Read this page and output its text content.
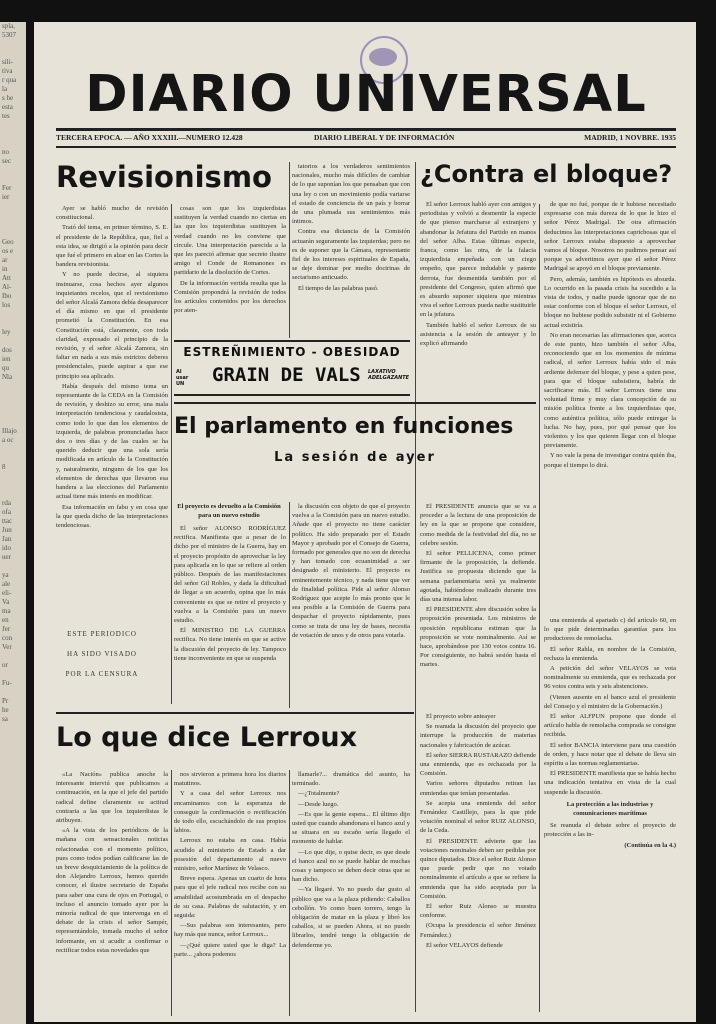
spla,
5307

sili-
tiva
r qua
la
s he
esta
tes

no
sec

Fer
ier

Geo
os e
ar
in
Att
Al-
Ibo
los

ley

dos
ien
qu
Nla

Illajo
a oc

8

rda
ofa
ttac
Jun
Jan
ido
uer

ya
ale
eli-
Va
ma
en
Jer
con
Ver

or

Fu-

Pr
he
sa
DIARIO UNIVERSAL
TERCERA EPOCA. — AÑO XXXIII.—NUMERO 12.428	DIARIO LIBERAL Y DE INFORMACIÓN	MADRID, 1 NOVBRE. 1935
Revisionismo

Ayer se habló mucho de revisión constitucional.

Trató del tema, en primer término, S. E. el presidente de la República, que, fiel a esta idea, se dirigió a la opinión para decir que fué el primero en alzar en las Cortes la bandera revisionista.

Y no puede decirse, al siquiera insinuarse, cosa hechos ayer algunos inquietantes recelos, que el revisionismo del señor Alcalá Zamora debía desaparecer el día mismo en que el presidente prometió la Constitución. En esa Constitución está, claramente, con toda claridad, expresado el principio de la revisión, y el señor Alcalá Zamora, sin faltar en nada a sus más estrictos deberes presidenciales, puede aspirar a que ese principio sea aplicado.

Había después del mismo tema un representante de la CEDA en la Comisión de revisión, y deshizo su error, una mala interpretación tendenciosa y caudalosista, como todo lo que dan los elementos de izquierda, de palabras pronunciadas hace dos o tres días y de las cuales se ha querido deducir que una sola sería modificada en artículo de la Constitución y, naturalmente, ninguno de los que los elementos de derechas que llevaron esa bandera a las elecciones del Parlamento actual tiene más interés en modificar.

Esa información en fabu y en cosa que la que queda dicho de las interpretaciones tendenciosas.

cosas son que los izquierdistas sustituyen la verdad cuando no ciertas en las que los izquierdistas sustituyen la verdad cuando no les conviene que circule. Una interpretación parecida a la que les pareció afirmar que secreto ilustre amigo el Conde de Romanones es partidario de la disolución de Cortes.

De la información vertida resulta que la Comisión propondrá la revisión de todos los artículos contenidos por los derechos por aten-

tatorios a los verdaderos sentimientos nacionales, mucho más difíciles de cambiar de lo que suponían los que pensaban que con una ley o con un movimiento podía variarse el estado de conciencia de un país y borrar de una plumada sus sentimientos más íntimos.

Contra esa dictancia de la Comisión actuarán seguramente las izquierdas; pero no es de suponer que la Cámara, representante fiel de los intereses espirituales de España, se deje dominar por medio doctrinas de sectarismo anticuado.

El tiempo de las palabras pasó.

ESTREÑIMIENTO - OBESIDAD
Al usar UN	GRAIN DE VALS LAXATIVO ADELGAZANTE
¿Contra el bloque?

El señor Lerroux habló ayer con amigos y periodistas y volvió a desmentir la especie de que pienso marcharse al extranjero y abandonar la Jefatura del Partido en manos del señor Alba. Estas últimas especie, franca, como las otra, de la falacia izquierdista empeñada con un ciego empeño, que parece indudable y patente derrota, fue desmentida también por el presidente del Congreso, quien afirmó que es absurdo suponer siquiera que mientras viva el señor Lerroux pueda nadie sustituirle en la jefatura.

También habló el señor Lerroux de su asistencia a la sesión de anteayer y lo explicó afirmando

de que no fué, porque de ir hubiese necesitado expresarse con más dureza de lo que le hizo el señor Pérez Madrigal. De otra afirmación deducimos las interpretaciones caprichosas que el señor Lerroux estaba dispuesto a aprovechar vamos al bloque. Nosotros no pudimos pensar así porque ya advertimos ayer que el señor Pérez Madrigal se apoyó en el bloque previamente.

Pero, además, también es hipótesis es absurda. Lo ocurrido en la pasada crisis ha sucedido a la vista de todos, y nadie puede ignorar que de no estar conforme con el bloque el señor Lerroux, el bloque no hubiese podido subsistir ni el Gobierno actual existiría.

No eran necesarias las afirmaciones que, acerca de este punto, hizo también el señor Alba, reconociendo que en los momentos de mínima radical, el señor Lerroux había sido el más ardiente defensor del bloque, y pese a quien pese, para que el bloque subsistiera, habría de sacrificarse más. El señor Lerroux tiene una voluntad firme y muy clara concepción de su misión política frente a los izquierdistas que, como auténtica política, sólo puede entregar la lucha. No hay, pues, por qué pensar que los violentos y los que quieren llegar con el bloque previamente.

Y no vale la pena de investigar contra quién iba, porque el tiempo lo dirá.

El parlamento en funciones
La sesión de ayer
El proyecto es devuelto a la Comisión para un nuevo estudio

El señor ALONSO RODRÍGUEZ rectifica. Manifiesta que a pesar de lo dicho por el ministro de la Guerra, hay en el proyecto propósito de aprovechar la ley para aplicarla en lo que se refiere al orden público. Después de las manifestaciones del señor Gil Robles, y dada la dificultad de llegar a un acuerdo, opina que lo más conveniente es que se retire el proyecto y vuelva a la Comisión para un nuevo estudio.

El MINISTRO DE LA GUERRA rectifica. No tiene interés en que se active la discusión del proyecto de ley. Tampoco tiene inconveniente en que se suspenda

la discusión con objeto de que el proyecto vuelva a la Comisión para un nuevo estudio. Añade que el proyecto no tiene carácter político. Ha sido preparado por el Estado Mayor y aprobado por el Consejo de Guerra, formado por generales que no son de derecha y han tomado con ecuanimidad a ser designado el ministerio. El proyecto es eminentemente técnico, y nada tiene que ver de finalidad política. Pide al señor Alonso Rodríguez que acepte lo más pronto que le sea posible a la Comisión de Guerra para despachar el proyecto rápidamente, pues como se trata de una ley de bases, necesita de votación de unos y de otros para votarla.

El PRESIDENTE anuncia que se va a proceder a la lectura de una proposición de ley en la que se propone que considere, como medida de la festividad del día, no se celebre sesión.

El señor PELLICENA, como primer firmante de la proposición, la defiende. Justifica su propuesta diciendo que la semana parlamentaria será ya realmente agotada, habiéndose realizado durante tres días una intensa labor.

El PRESIDENTE abre discusión sobre la proposición presentada. Los ministros de oposición republicana estiman que la proposición se vote nominalmente. Así se hace, aprobándose por 130 votos contra 16. Por consiguiente, no habrá sesión hasta el martes.

ESTE PERIODICO
HA SIDO VISADO
POR LA CENSURA
Lo que dice Lerroux

«La Nación» publica anoche la interesante interviú que publicamos a continuación, en la que el jefe del partido radical define claramente su actitud contraria a las que los izquierdistas le atribuyen.

«A la vista de los periódicos de la mañana con sensacionales noticias relacionadas con el momento político, pues como todos podían calificarse las de un breve desquiciamiento de la política de don Alejandro Lerroux, hemos querido conocer, el ilustre secretario de España para saber una cura de ojos en Portugal, o incluso el anuncio tomado ayer por la minoría radical de que intervenga en el debate de la crisis el señor Sampér, representándolo, tomada mucho el señor informante, en si acudir a confirmar o rectificar todos estas novedades que

nos sirvieron a primera hora los diarios matutinos.

Y a casa del señor Lerroux nos encaminamos con la esperanza de conseguir la confirmación o rectificación de todo ello, escuchándolo de sus propios labios.

Lerroux no estaba en casa. Había acudido al ministerio de Estado a dar posesión del departamento al nuevo ministro, señor Martínez de Velasco.

Breve espera. Apenas un cuarto de hora para que el jefe radical nos recibe con su amabilidad acostumbrada en el despacho de su casa. Palabras de salutación, y en seguida:

—Sus palabras son interesantes, pero hay más que nunca, señor Lerroux...

—¿Qué quiere usted que le diga? La parte... ¿ahora podemos

llamarle?... dramática del asunto, ha terminado.

—¿Totalmente?

—Desde luego.

—Es que la gente espera... El último dijo usted que cuando abandonara el banco azul y se situara en su escaño sería llegado el momento de hablar.

—Lo que dije, o quise decir, es que desde el banco azul no se puede hablar de muchas cosas y tampoco se deben decir otras que se han dicho.

—Ya llegaré. Yo no puedo dar gusto al público que va a la plaza pidiendo: Caballos cebollón. Yo como buen torrero, tengo la obligación de matar en la plaza y libró los caballos, si se pueden Ahora, si no puedo librarlos, tendré tengo la obligación de defenderme yo.

El proyecto sobre anteayer

Se reanuda la discusión del proyecto que interrupe la producción de materias nacionales y fabricación de azúcar.

El señor SIERRA RUSTARAZO defiende una enmienda, que es rechazada por la Comisión.

Varios señores diputados retiran las enmiendas que tenían presentadas.

Se acepta una enmienda del señor Fernández Castillejo, para la que pide votación nominal el señor RUIZ ALONSO, de la Ceda.

El PRESIDENTE advierte que las votaciones nominales deben ser pedidas por quince diputados. Dice el señor Ruiz Alonso que puede pedir que no votado nominalmente el artículo a que se refiere la enmienda que ha sido aceptada por la Comisión.

El señor Ruiz Alonso se muestra conforme.

(Ocupa la presidencia el señor Jiménez Fernández.)

El señor VELAYOS defiende

una enmienda al apartado c) del artículo 60, en lo que pide determinadas garantías para los productores de remolacha.

El señor Rahla, en nombre de la Comisión, rechaza la enmienda.

A petición del señor VELAYOS se vota nominalmente su enmienda, que es rechazada por 96 votos contra seis y seis abstenciones.

(Vienen ausente en el banco azul el presidente del Consejo y el ministro de la Gobernación.)

El señor ALFPUN propone que donde el artículo habla de remolacha comprada se consigne recibida.

El señor BANCIA interviene para una cuestión de orden, y hace notar que el debate de lleva sin espíritu a las normas reglamentarias.

El PRESIDENTE manifiesta que se había hecho una indicación tentativa en vista de la cual suspende la discusión.

La protección a las industrias y comunicaciones marítimas

Se reanuda el debate sobre el proyecto de protección a las in-

(Continúa en la 4.)
